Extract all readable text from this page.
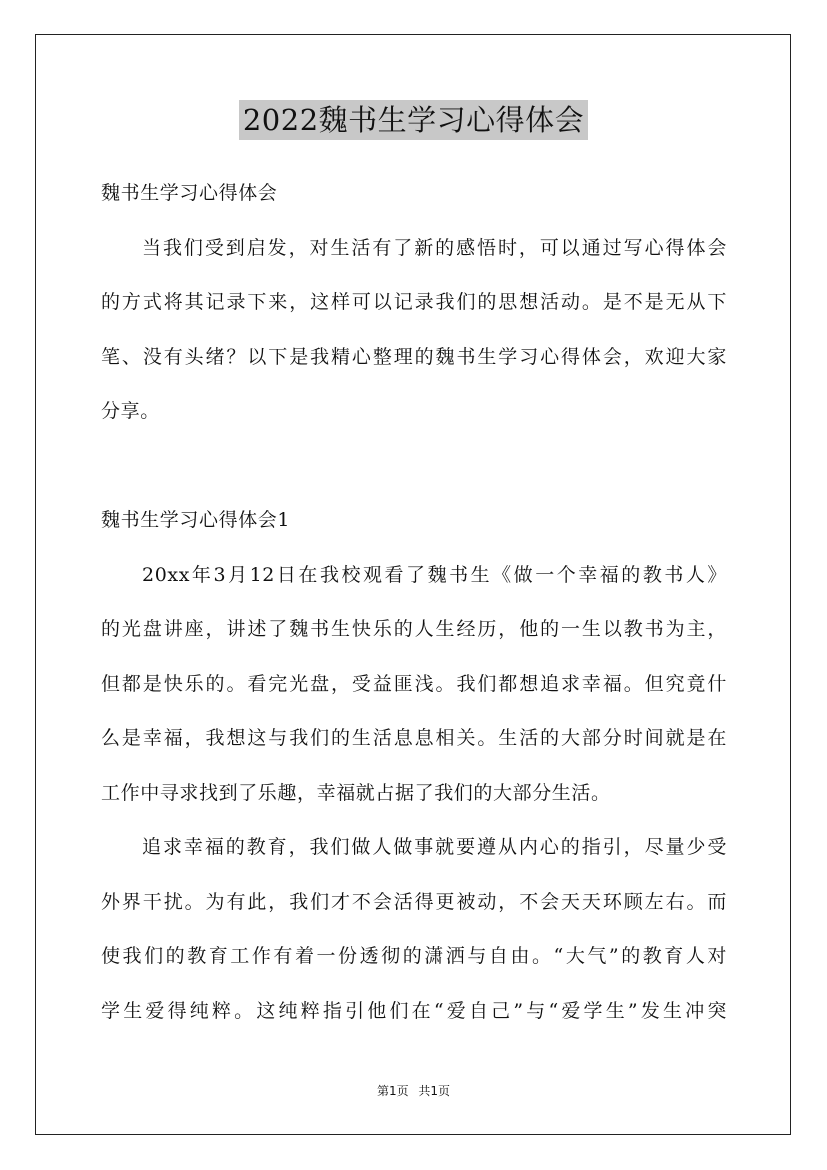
2022魏书生学习心得体会
魏书生学习心得体会
当我们受到启发，对生活有了新的感悟时，可以通过写心得体会
的方式将其记录下来，这样可以记录我们的思想活动。是不是无从下
笔、没有头绪？以下是我精心整理的魏书生学习心得体会，欢迎大家
分享。
魏书生学习心得体会1
20xx年3月12日在我校观看了魏书生《做一个幸福的教书人》
的光盘讲座，讲述了魏书生快乐的人生经历，他的一生以教书为主，
但都是快乐的。看完光盘，受益匪浅。我们都想追求幸福。但究竟什
么是幸福，我想这与我们的生活息息相关。生活的大部分时间就是在
工作中寻求找到了乐趣，幸福就占据了我们的大部分生活。
追求幸福的教育，我们做人做事就要遵从内心的指引，尽量少受
外界干扰。为有此，我们才不会活得更被动，不会天天环顾左右。而
使我们的教育工作有着一份透彻的潇洒与自由。“大气”的教育人对
学生爱得纯粹。这纯粹指引他们在“爱自己”与“爱学生”发生冲突
第1页 共1页
